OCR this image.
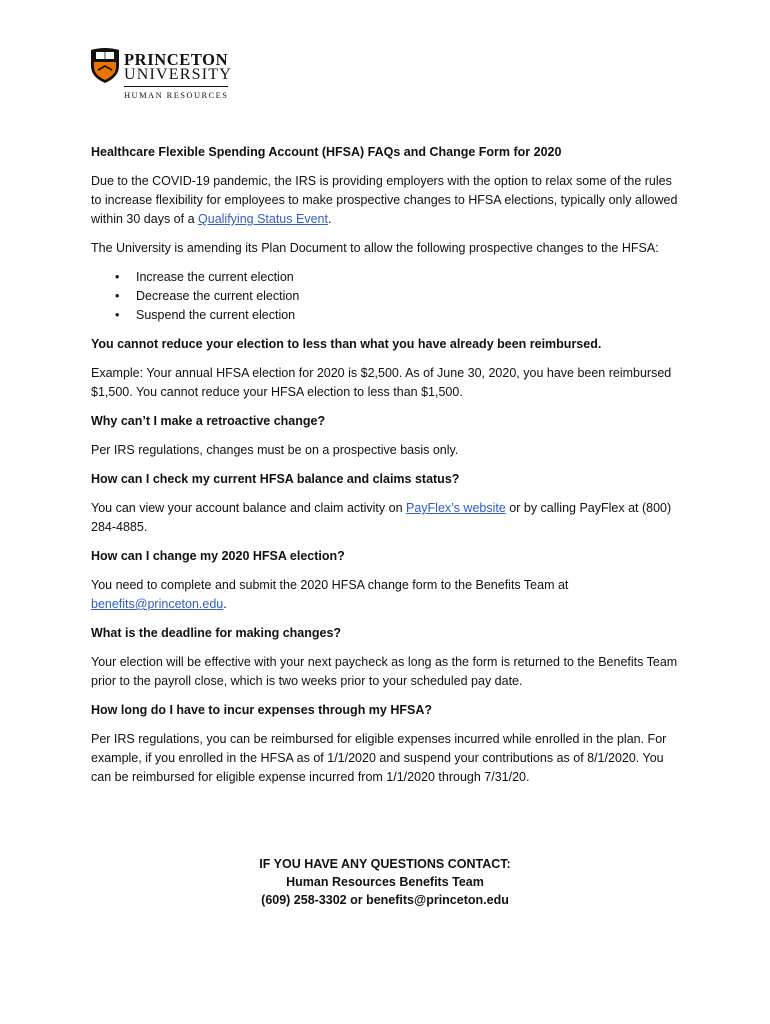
PRINCETON
UNIVERSITY
HUMAN RESOURCES

Healthcare Flexible Spending Account (HFSA) FAQs and Change Form for 2020

Due to the COVID-19 pandemic, the IRS is providing employers with the option to relax some of the rules to increase flexibility for employees to make prospective changes to HFSA elections, typically only allowed within 30 days of a Qualifying Status Event.

The University is amending its Plan Document to allow the following prospective changes to the HFSA:

• Increase the current election
• Decrease the current election
• Suspend the current election

You cannot reduce your election to less than what you have already been reimbursed.

Example: Your annual HFSA election for 2020 is $2,500. As of June 30, 2020, you have been reimbursed $1,500. You cannot reduce your HFSA election to less than $1,500.

Why can’t I make a retroactive change?

Per IRS regulations, changes must be on a prospective basis only.

How can I check my current HFSA balance and claims status?

You can view your account balance and claim activity on PayFlex’s website or by calling PayFlex at (800) 284-4885.

How can I change my 2020 HFSA election?

You need to complete and submit the 2020 HFSA change form to the Benefits Team at benefits@princeton.edu.

What is the deadline for making changes?

Your election will be effective with your next paycheck as long as the form is returned to the Benefits Team prior to the payroll close, which is two weeks prior to your scheduled pay date.

How long do I have to incur expenses through my HFSA?

Per IRS regulations, you can be reimbursed for eligible expenses incurred while enrolled in the plan. For example, if you enrolled in the HFSA as of 1/1/2020 and suspend your contributions as of 8/1/2020. You can be reimbursed for eligible expense incurred from 1/1/2020 through 7/31/20.

IF YOU HAVE ANY QUESTIONS CONTACT:
Human Resources Benefits Team
(609) 258-3302 or benefits@princeton.edu
